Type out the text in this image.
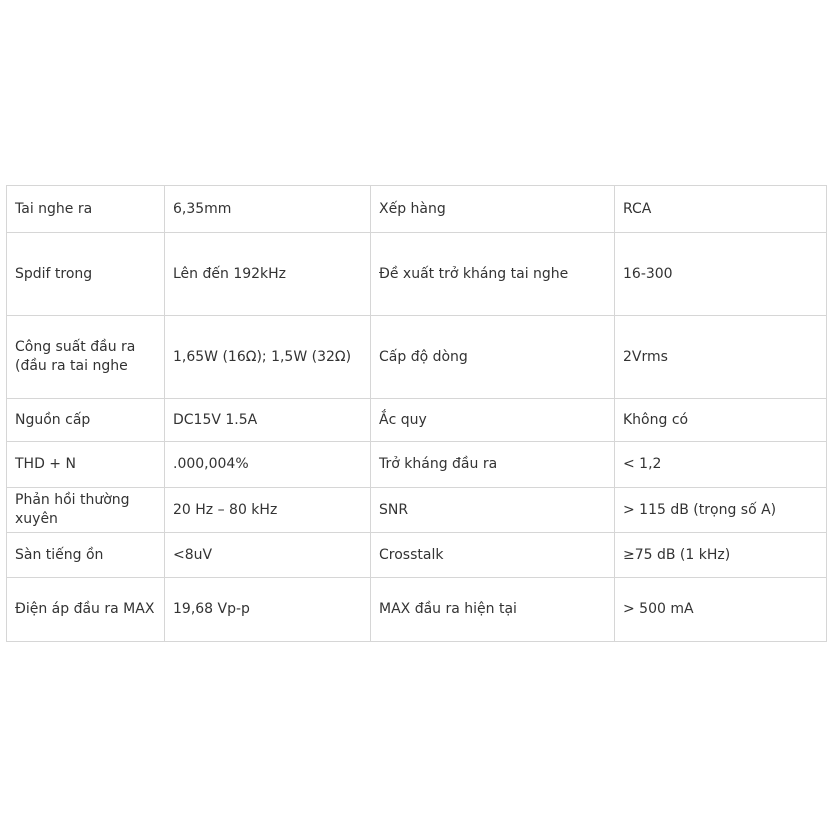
Tai nghe ra	6,35mm	Xếp hàng	RCA
Spdif trong	Lên đến 192kHz	Đề xuất trở kháng tai nghe	16-300
Công suất đầu ra (đầu ra tai nghe	1,65W (16Ω); 1,5W (32Ω)	Cấp độ dòng	2Vrms
Nguồn cấp	DC15V 1.5A	Ắc quy	Không có
THD + N	.000,004%	Trở kháng đầu ra	< 1,2
Phản hồi thường xuyên	20 Hz – 80 kHz	SNR	> 115 dB (trọng số A)
Sàn tiếng ồn	<8uV	Crosstalk	≥75 dB (1 kHz)
Điện áp đầu ra MAX	19,68 Vp-p	MAX đầu ra hiện tại	> 500 mA
